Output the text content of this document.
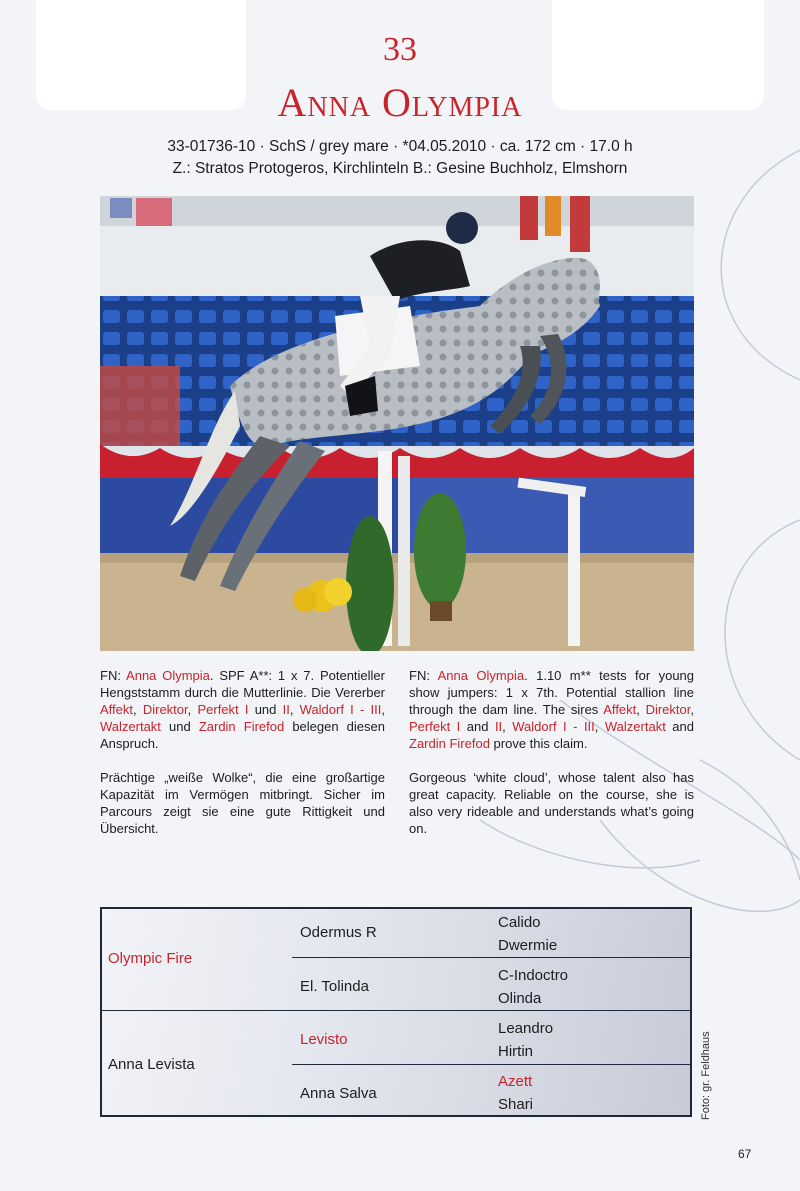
33
Anna Olympia
33-01736-10 · SchS / grey mare · *04.05.2010 · ca. 172 cm · 17.0 h
Z.: Stratos Protogeros, Kirchlinteln B.: Gesine Buchholz, Elmshorn

FN: Anna Olympia. SPF A**: 1 x 7. Potentieller Hengststamm durch die Mutterlinie. Die Vererber Affekt, Direktor, Perfekt I und II, Waldorf I - III, Walzertakt und Zardin Firefod belegen diesen Anspruch.

Prächtige „weiße Wolke“, die eine großartige Kapazität im Vermögen mitbringt. Sicher im Parcours zeigt sie eine gute Rittigkeit und Übersicht.

FN: Anna Olympia. 1.10 m** tests for young show jumpers: 1 x 7th. Potential stallion line through the dam line. The sires Affekt, Direktor, Perfekt I and II, Waldorf I - III, Walzertakt and Zardin Firefod prove this claim.

Gorgeous ‘white cloud’, whose talent also has great capacity. Reliable on the course, she is also very rideable and understands what’s going on.

Olympic Fire
Anna Levista
Odermus R
El. Tolinda
Levisto
Anna Salva
Calido
Dwermie
C-Indoctro
Olinda
Leandro
Hirtin
Azett
Shari	Foto: gr. Feldhaus
67
